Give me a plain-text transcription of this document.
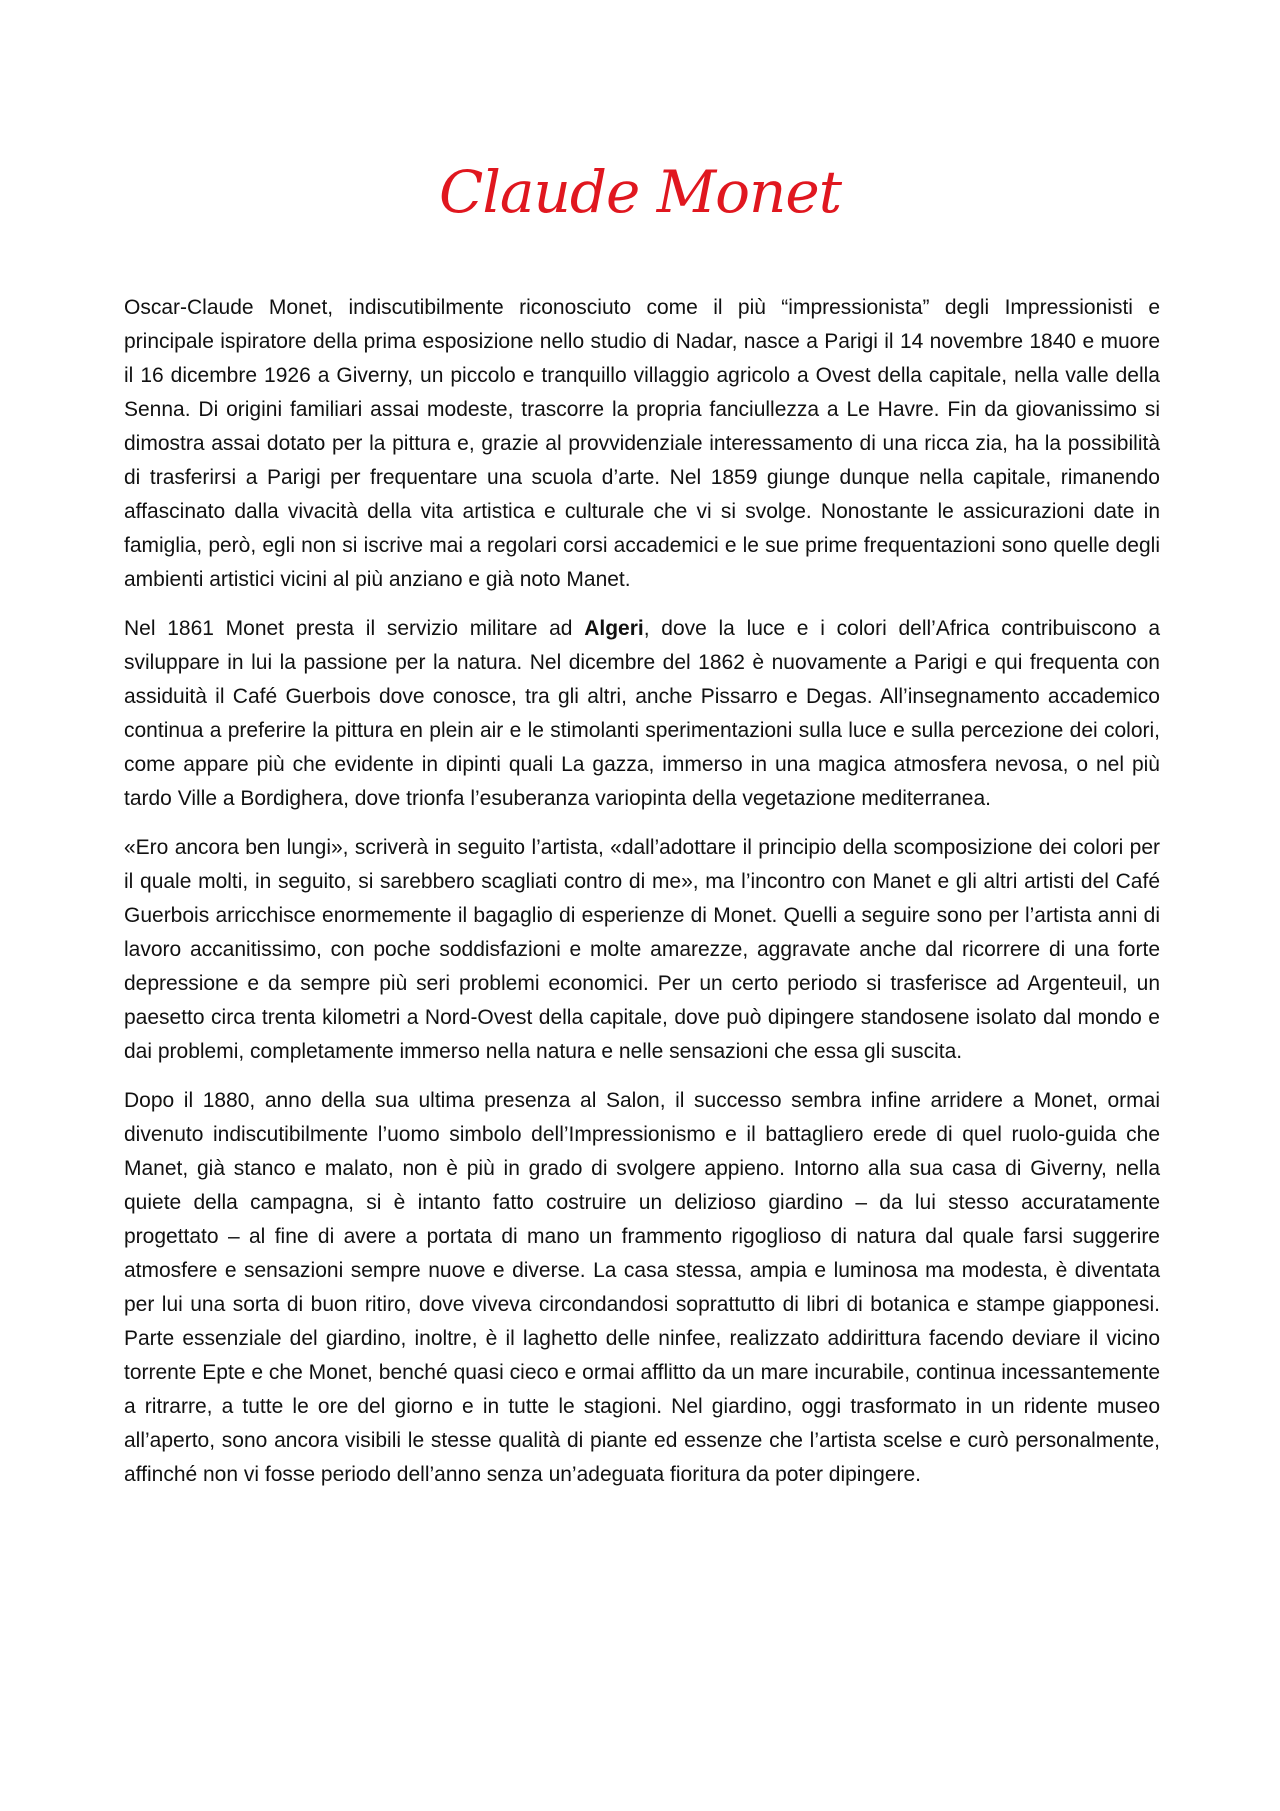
Claude Monet

Oscar-Claude Monet, indiscutibilmente riconosciuto come il più “impressionista” degli Impressionisti e principale ispiratore della prima esposizione nello studio di Nadar, nasce a Parigi il 14 novembre 1840 e muore il 16 dicembre 1926 a Giverny, un piccolo e tranquillo villaggio agricolo a Ovest della capitale, nella valle della Senna. Di origini familiari assai modeste, trascorre la propria fanciullezza a Le Havre. Fin da giovanissimo si dimostra assai dotato per la pittura e, grazie al provvidenziale interessamento di una ricca zia, ha la possibilità di trasferirsi a Parigi per frequentare una scuola d’arte. Nel 1859 giunge dunque nella capitale, rimanendo affascinato dalla vivacità della vita artistica e culturale che vi si svolge. Nonostante le assicurazioni date in famiglia, però, egli non si iscrive mai a regolari corsi accademici e le sue prime frequentazioni sono quelle degli ambienti artistici vicini al più anziano e già noto Manet.

Nel 1861 Monet presta il servizio militare ad Algeri, dove la luce e i colori dell’Africa contribuiscono a sviluppare in lui la passione per la natura. Nel dicembre del 1862 è nuovamente a Parigi e qui frequenta con assiduità il Café Guerbois dove conosce, tra gli altri, anche Pissarro e Degas. All’insegnamento accademico continua a preferire la pittura en plein air e le stimolanti sperimentazioni sulla luce e sulla percezione dei colori, come appare più che evidente in dipinti quali La gazza, immerso in una magica atmosfera nevosa, o nel più tardo Ville a Bordighera, dove trionfa l’esuberanza variopinta della vegetazione mediterranea.

«Ero ancora ben lungi», scriverà in seguito l’artista, «dall’adottare il principio della scomposizione dei colori per il quale molti, in seguito, si sarebbero scagliati contro di me», ma l’incontro con Manet e gli altri artisti del Café Guerbois arricchisce enormemente il bagaglio di esperienze di Monet. Quelli a seguire sono per l’artista anni di lavoro accanitissimo, con poche soddisfazioni e molte amarezze, aggravate anche dal ricorrere di una forte depressione e da sempre più seri problemi economici. Per un certo periodo si trasferisce ad Argenteuil, un paesetto circa trenta kilometri a Nord-Ovest della capitale, dove può dipingere standosene isolato dal mondo e dai problemi, completamente immerso nella natura e nelle sensazioni che essa gli suscita.

Dopo il 1880, anno della sua ultima presenza al Salon, il successo sembra infine arridere a Monet, ormai divenuto indiscutibilmente l’uomo simbolo dell’Impressionismo e il battagliero erede di quel ruolo-guida che Manet, già stanco e malato, non è più in grado di svolgere appieno. Intorno alla sua casa di Giverny, nella quiete della campagna, si è intanto fatto costruire un delizioso giardino – da lui stesso accuratamente progettato – al fine di avere a portata di mano un frammento rigoglioso di natura dal quale farsi suggerire atmosfere e sensazioni sempre nuove e diverse. La casa stessa, ampia e luminosa ma modesta, è diventata per lui una sorta di buon ritiro, dove viveva circondandosi soprattutto di libri di botanica e stampe giapponesi. Parte essenziale del giardino, inoltre, è il laghetto delle ninfee, realizzato addirittura facendo deviare il vicino torrente Epte e che Monet, benché quasi cieco e ormai afflitto da un mare incurabile, continua incessantemente a ritrarre, a tutte le ore del giorno e in tutte le stagioni. Nel giardino, oggi trasformato in un ridente museo all’aperto, sono ancora visibili le stesse qualità di piante ed essenze che l’artista scelse e curò personalmente, affinché non vi fosse periodo dell’anno senza un’adeguata fioritura da poter dipingere.
